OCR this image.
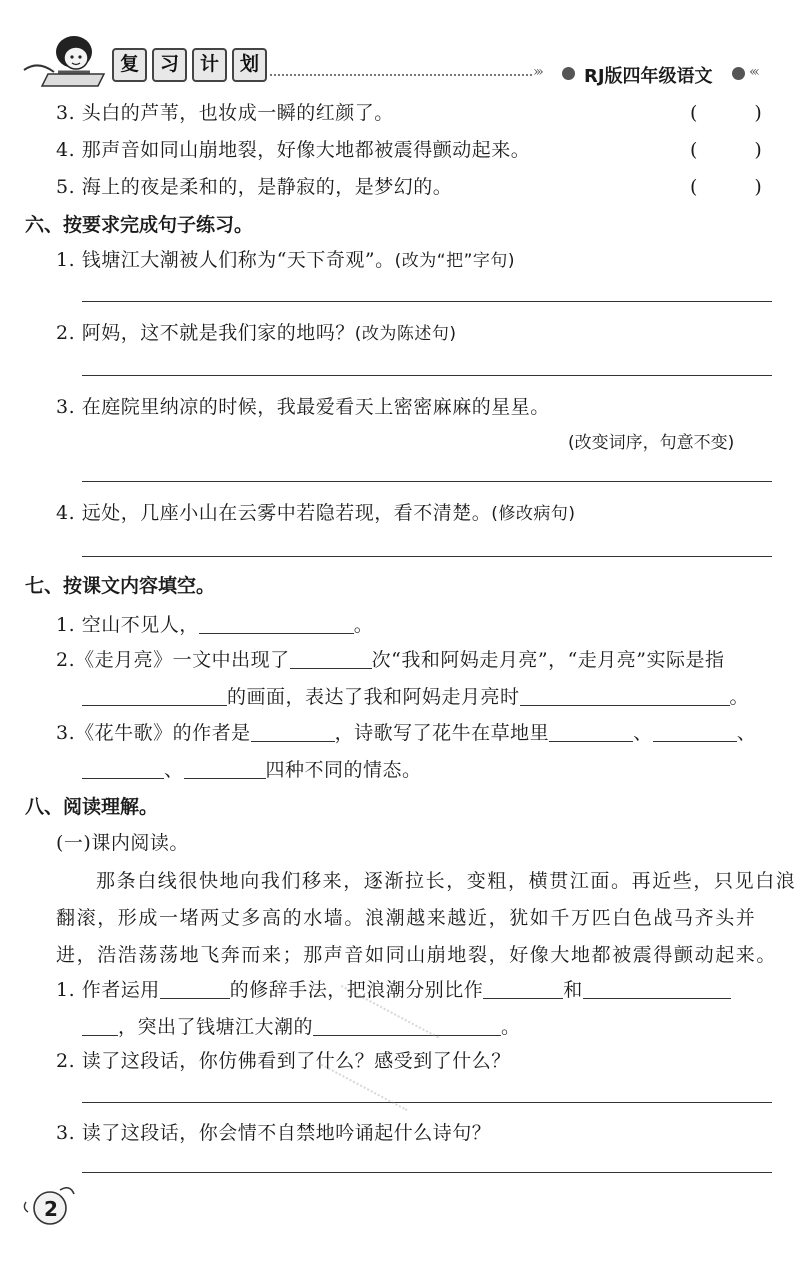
复 习 计 划	››› RJ版四年级语文	‹‹‹
3. 头白的芦苇，也妆成一瞬的红颜了。	(　　　)
4. 那声音如同山崩地裂，好像大地都被震得颤动起来。	(　　　)
5. 海上的夜是柔和的，是静寂的，是梦幻的。	(　　　)
六、按要求完成句子练习。
1. 钱塘江大潮被人们称为“天下奇观”。(改为“把”字句)
2. 阿妈，这不就是我们家的地吗？(改为陈述句)
3. 在庭院里纳凉的时候，我最爱看天上密密麻麻的星星。
(改变词序，句意不变)
4. 远处，几座小山在云雾中若隐若现，看不清楚。(修改病句)
七、按课文内容填空。
1. 空山不见人，	。
2.《走月亮》一文中出现了	次“我和阿妈走月亮”，“走月亮”实际是指
的画面，表达了我和阿妈走月亮时	。
3.《花牛歌》的作者是	，诗歌写了花牛在草地里	、	、
、	四种不同的情态。
八、阅读理解。
(一)课内阅读。
那条白线很快地向我们移来，逐渐拉长，变粗，横贯江面。再近些，只见白浪
翻滚，形成一堵两丈多高的水墙。浪潮越来越近，犹如千万匹白色战马齐头并
进，浩浩荡荡地飞奔而来；那声音如同山崩地裂，好像大地都被震得颤动起来。
1. 作者运用	的修辞手法，把浪潮分别比作	和
，突出了钱塘江大潮的	。
2. 读了这段话，你仿佛看到了什么？感受到了什么？
3. 读了这段话，你会情不自禁地吟诵起什么诗句？
2
